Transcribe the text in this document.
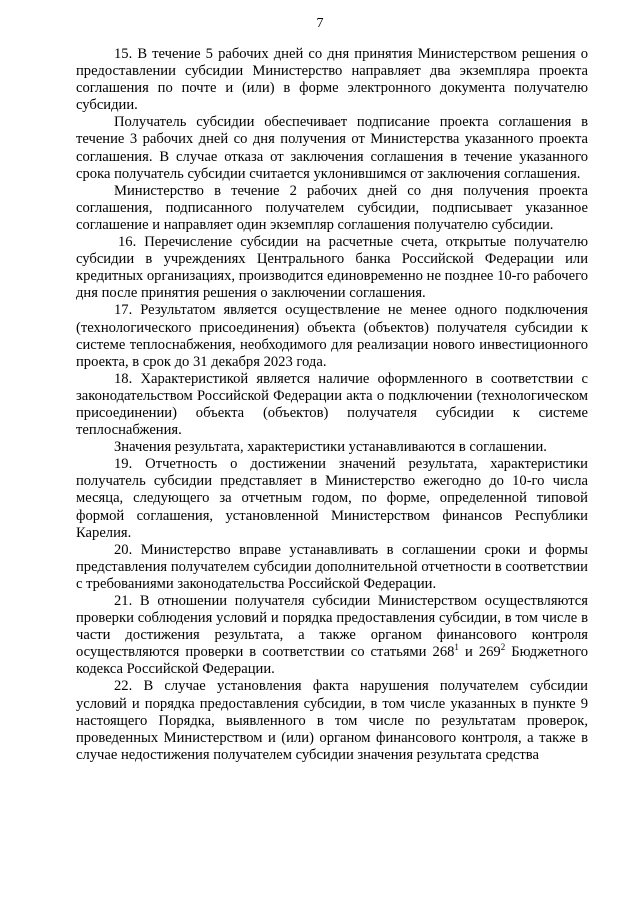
7

15. В течение 5 рабочих дней со дня принятия Министерством решения о предоставлении субсидии Министерство направляет два экземпляра проекта соглашения по почте и (или) в форме электронного документа получателю субсидии.

Получатель субсидии обеспечивает подписание проекта соглашения в течение 3 рабочих дней со дня получения от Министерства указанного проекта соглашения. В случае отказа от заключения соглашения в течение указанного срока получатель субсидии считается уклонившимся от заключения соглашения.

Министерство в течение 2 рабочих дней со дня получения проекта соглашения, подписанного получателем субсидии, подписывает указанное соглашение и направляет один экземпляр соглашения получателю субсидии.

16. Перечисление субсидии на расчетные счета, открытые получателю субсидии в учреждениях Центрального банка Российской Федерации или кредитных организациях, производится единовременно не позднее 10-го рабочего дня после принятия решения о заключении соглашения.

17. Результатом является осуществление не менее одного подключения (технологического присоединения) объекта (объектов) получателя субсидии к системе теплоснабжения, необходимого для реализации нового инвестиционного проекта, в срок до 31 декабря 2023 года.

18. Характеристикой является наличие оформленного в соответствии с законодательством Российской Федерации акта о подключении (технологическом присоединении) объекта (объектов) получателя субсидии к системе теплоснабжения.

Значения результата, характеристики устанавливаются в соглашении.

19. Отчетность о достижении значений результата, характеристики получатель субсидии представляет в Министерство ежегодно до 10-го числа месяца, следующего за отчетным годом, по форме, определенной типовой формой соглашения, установленной Министерством финансов Республики Карелия.

20. Министерство вправе устанавливать в соглашении сроки и формы представления получателем субсидии дополнительной отчетности в соответствии с требованиями законодательства Российской Федерации.

21. В отношении получателя субсидии Министерством осуществляются проверки соблюдения условий и порядка предоставления субсидии, в том числе в части достижения результата, а также органом финансового контроля осуществляются проверки в соответствии со статьями $268^1$ и $269^2$ Бюджетного кодекса Российской Федерации.

22. В случае установления факта нарушения получателем субсидии условий и порядка предоставления субсидии, в том числе указанных в пункте 9 настоящего Порядка, выявленного в том числе по результатам проверок, проведенных Министерством и (или) органом финансового контроля, а также в случае недостижения получателем субсидии значения результата средства
